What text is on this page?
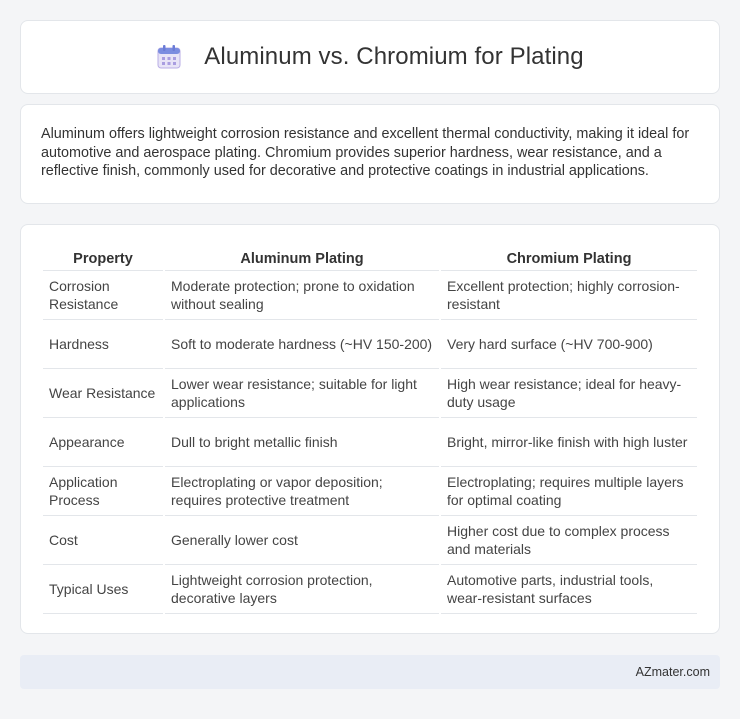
Aluminum vs. Chromium for Plating

Aluminum offers lightweight corrosion resistance and excellent thermal conductivity, making it ideal for automotive and aerospace plating. Chromium provides superior hardness, wear resistance, and a reflective finish, commonly used for decorative and protective coatings in industrial applications.

Property	Aluminum Plating	Chromium Plating
Corrosion Resistance	Moderate protection; prone to oxidation without sealing	Excellent protection; highly corrosion-resistant
Hardness	Soft to moderate hardness (~HV 150-200)	Very hard surface (~HV 700-900)
Wear Resistance	Lower wear resistance; suitable for light applications	High wear resistance; ideal for heavy-duty usage
Appearance	Dull to bright metallic finish	Bright, mirror-like finish with high luster
Application Process	Electroplating or vapor deposition; requires protective treatment	Electroplating; requires multiple layers for optimal coating
Cost	Generally lower cost	Higher cost due to complex process and materials
Typical Uses	Lightweight corrosion protection, decorative layers	Automotive parts, industrial tools, wear-resistant surfaces
AZmater.com
